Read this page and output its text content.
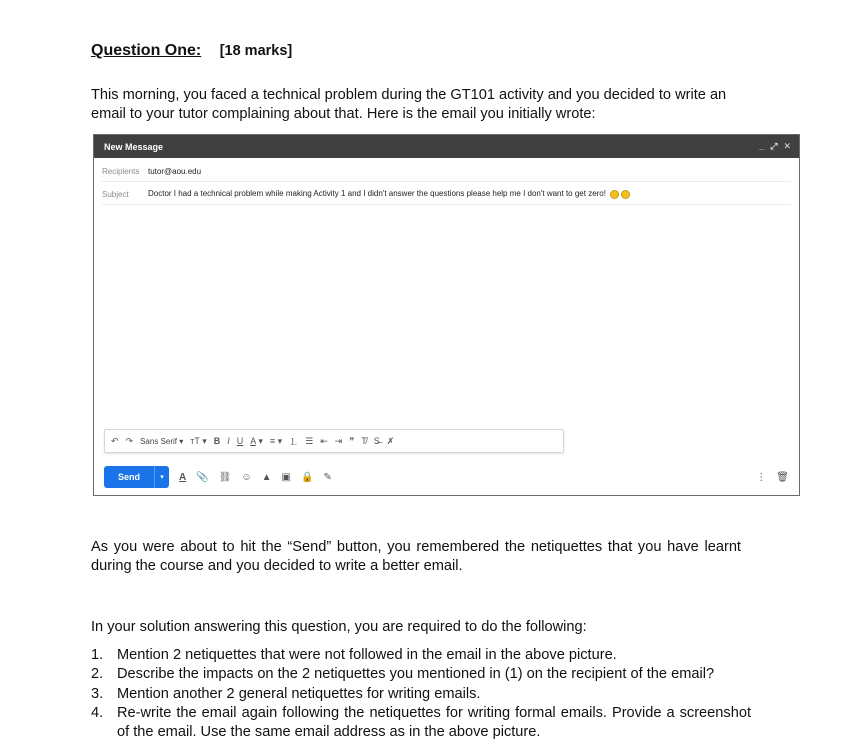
Question One: [18 marks]
This morning, you faced a technical problem during the GT101 activity and you decided to write an email to your tutor complaining about that. Here is the email you initially wrote:
New Message	_ ⤢ ✕
Recipients	tutor@aou.edu
Subject	Doctor I had a technical problem while making Activity 1 and I didn't answer the questions please help me I don't want to get zero!
↶ ↷ Sans Serif ▾ ᴛT ▾ B I U A ▾ ≡ ▾ ⒈ ☰ ⇤ ⇥ ❞ T̸ S̶ ✗
Send	▾	A 📎 ⛓ ☺ ▲ ▣ 🔒 ✎	⋮ 🗑
As you were about to hit the “Send” button, you remembered the netiquettes that you have learnt during the course and you decided to write a better email.
In your solution answering this question, you are required to do the following:
1. Mention 2 netiquettes that were not followed in the email in the above picture.
2. Describe the impacts on the 2 netiquettes you mentioned in (1) on the recipient of the email?
3. Mention another 2 general netiquettes for writing emails.
4. Re-write the email again following the netiquettes for writing formal emails. Provide a screenshot of the email. Use the same email address as in the above picture.
